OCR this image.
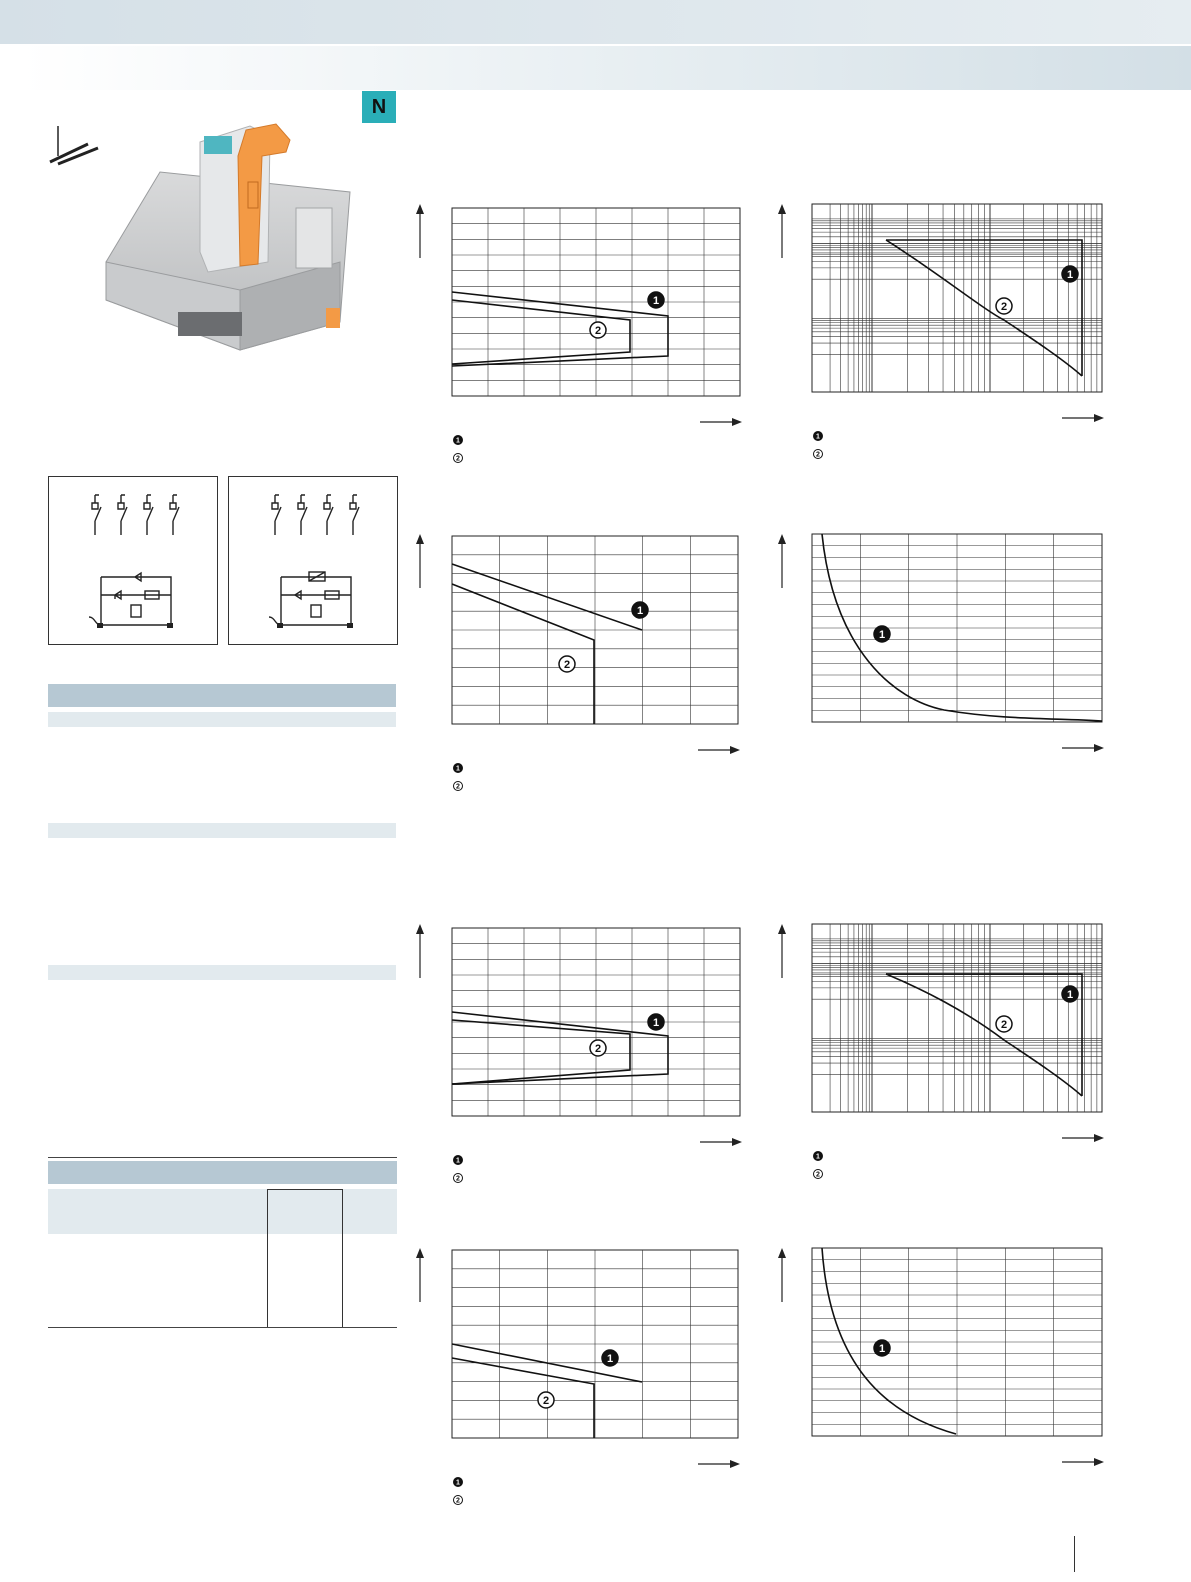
N
1
2
1
2
1
2
1
2
1
2
1
2
1
1
2
1
2
1
2
1
2
1
2
1
2
1
